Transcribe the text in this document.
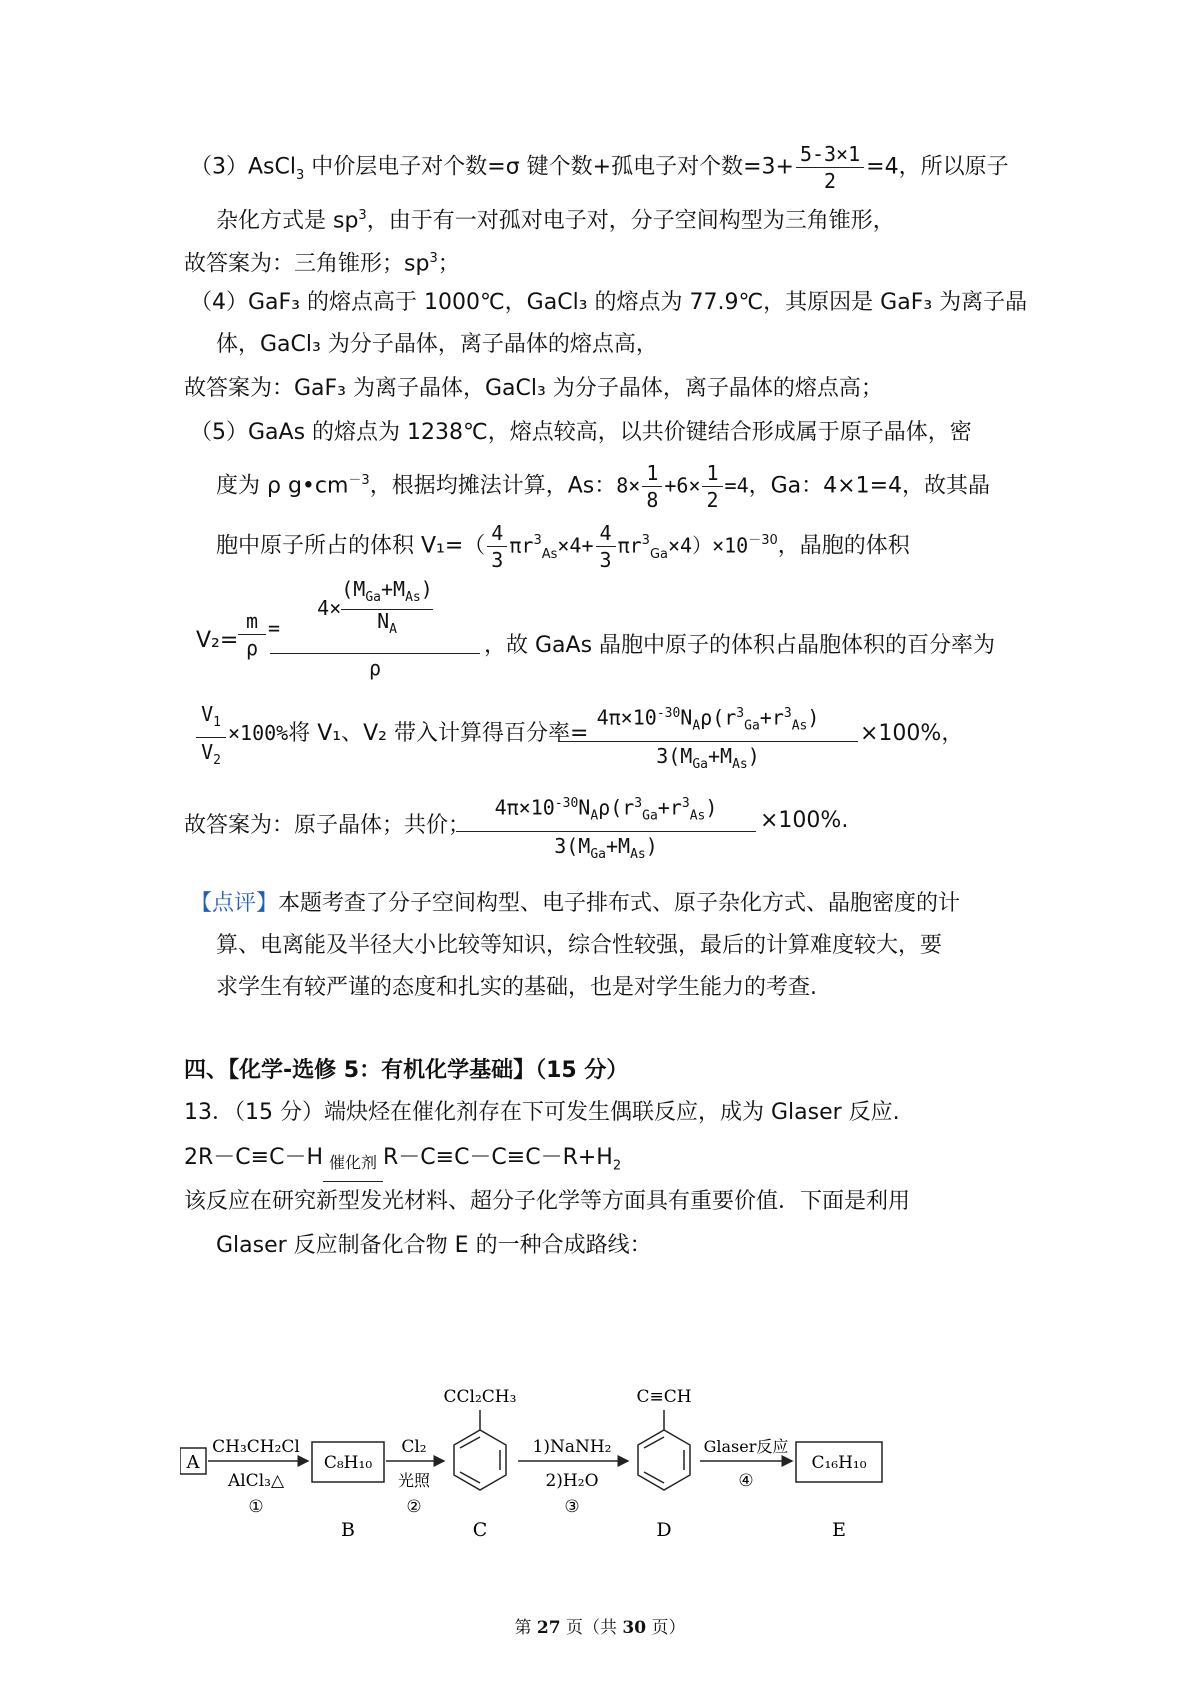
（3）AsCl$_3$ 中价层电子对个数=σ 键个数+孤电子对个数$=3+ \frac{5-3\times 1}{2} =4$，所以原子
杂化方式是 $sp^3$，由于有一对孤对电子对，分子空间构型为三角锥形，
故答案为：三角锥形；$sp^3$；
（4）GaF₃ 的熔点高于 1000℃，GaCl₃ 的熔点为 77.9℃，其原因是 GaF₃ 为离子晶
体，GaCl₃ 为分子晶体，离子晶体的熔点高，
故答案为：GaF₃ 为离子晶体，GaCl₃ 为分子晶体，离子晶体的熔点高；
（5）GaAs 的熔点为 1238℃，熔点较高，以共价键结合形成属于原子晶体，密
度为 ρ $g•cm^{-3}$，根据均摊法计算，As：$8\times \frac{1}{8} +6\times \frac{1}{2} =4$，Ga：4×1=4，故其晶
胞中原子所占的体积 $V_1=( \frac{4}{3} \pi r^3_{As}\times 4+ \frac{4}{3} \pi r^3_{Ga}\times 4)\times 10^{-30}$，晶胞的体积
V₂=
m
ρ
=
4×
$(M_{Ga}+M_{As})$
$N_A$
ρ
，故 GaAs 晶胞中原子的体积占晶胞体积的百分率为
$V_1$
$V_2$
×100%将 V₁、V₂ 带入计算得百分率=
$4\pi\times 10^{-30}N_A\rho(r^3_{Ga}+r^3_{As})$
$3(M_{Ga}+M_{As})$
×100%，
故答案为：原子晶体；共价；
$4\pi\times 10^{-30}N_A\rho(r^3_{Ga}+r^3_{As})$
$3(M_{Ga}+M_{As})$
×100%.
【点评】本题考查了分子空间构型、电子排布式、原子杂化方式、晶胞密度的计
算、电离能及半径大小比较等知识，综合性较强，最后的计算难度较大，要
求学生有较严谨的态度和扎实的基础，也是对学生能力的考查.
四、【化学-选修 5：有机化学基础】（15 分）
13．（15 分）端炔烃在催化剂存在下可发生偶联反应，成为 Glaser 反应.
2R－C≡C－H 催化剂 $R-C\equiv C-C\equiv C-R+H_2$
该反应在研究新型发光材料、超分子化学等方面具有重要价值．下面是利用
Glaser 反应制备化合物 E 的一种合成路线：
A
CH₃CH₂Cl
AlCl₃△
①
C₈H₁₀
Cl₂
光照
②
CCl₂CH₃
1)NaNH₂
2)H₂O
③
C≡CH
Glaser反应
④
C₁₆H₁₀
B	C	D	E
第 27 页（共 30 页）
